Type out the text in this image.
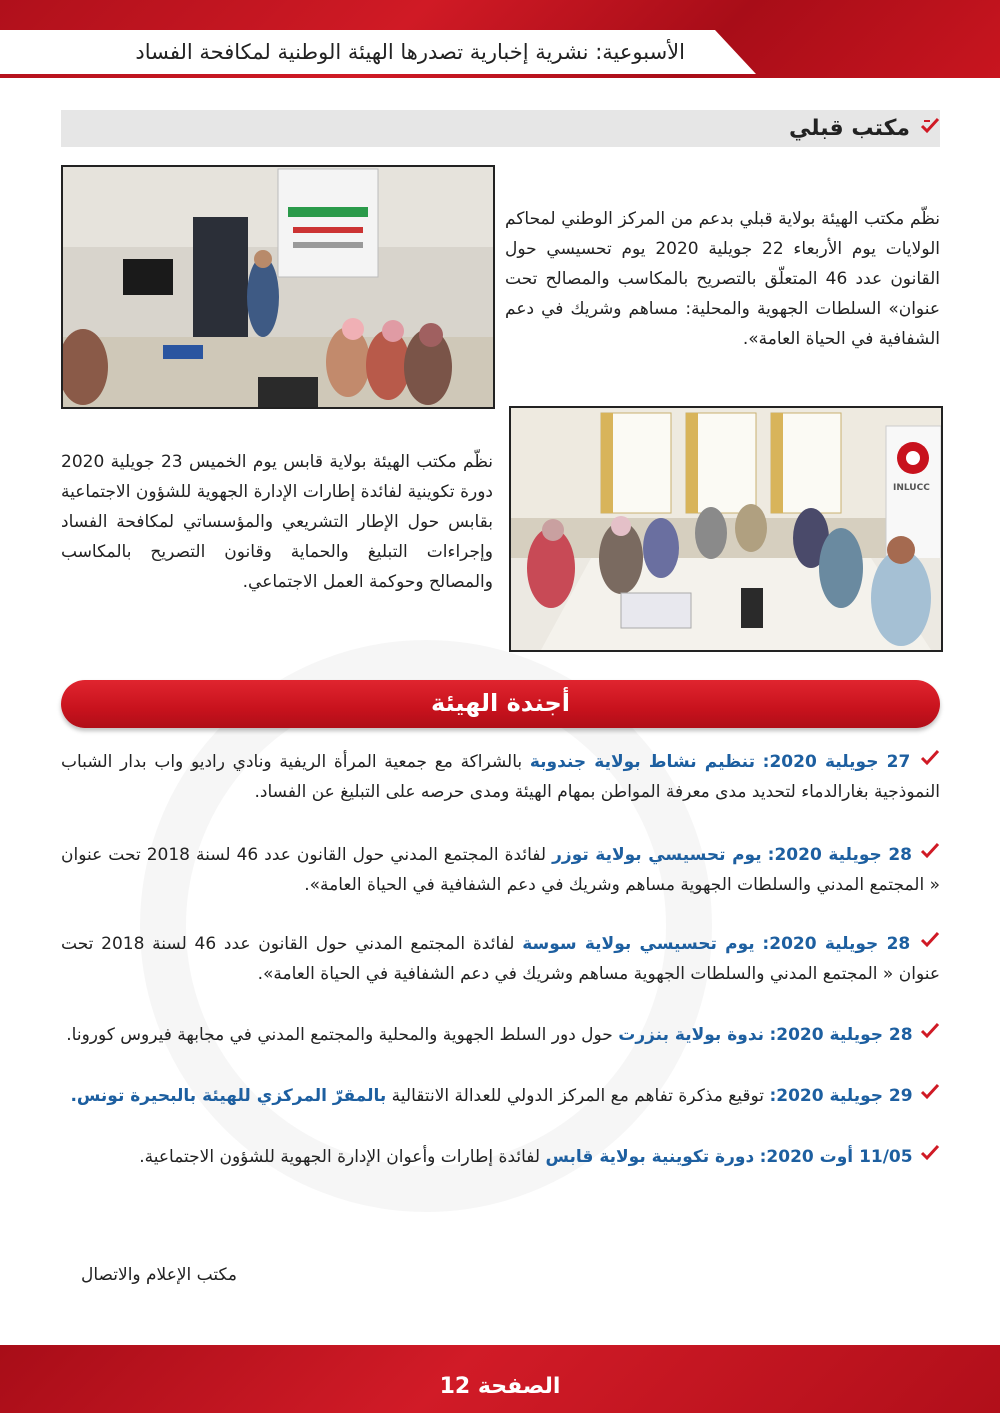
الأسبوعية: نشرية إخبارية تصدرها الهيئة الوطنية لمكافحة الفساد
مكتب قبلي
نظّم مكتب الهيئة بولاية قبلي بدعم من المركز الوطني لمحاكم الولايات يوم الأربعاء 22 جويلية 2020 يوم تحسيسي حول القانون عدد 46 المتعلّق بالتصريح بالمكاسب والمصالح تحت عنوان» السلطات الجهوية والمحلية: مساهم وشريك في دعم الشفافية في الحياة العامة».
INLUCC
نظّم مكتب الهيئة بولاية قابس يوم الخميس 23 جويلية 2020 دورة تكوينية لفائدة إطارات الإدارة الجهوية للشؤون الاجتماعية بقابس حول الإطار التشريعي والمؤسساتي لمكافحة الفساد وإجراءات التبليغ والحماية وقانون التصريح بالمكاسب والمصالح وحوكمة العمل الاجتماعي.
أجندة الهيئة
27 جويلية 2020: تنظيم نشاط بولاية جندوبة بالشراكة مع جمعية المرأة الريفية ونادي راديو واب بدار الشباب النموذجية بغارالدماء لتحديد مدى معرفة المواطن بمهام الهيئة ومدى حرصه على التبليغ عن الفساد.
28 جويلية 2020: يوم تحسيسي بولاية توزر لفائدة المجتمع المدني حول القانون عدد 46 لسنة 2018 تحت عنوان « المجتمع المدني والسلطات الجهوية مساهم وشريك في دعم الشفافية في الحياة العامة».
28 جويلية 2020: يوم تحسيسي بولاية سوسة لفائدة المجتمع المدني حول القانون عدد 46 لسنة 2018 تحت عنوان « المجتمع المدني والسلطات الجهوية مساهم وشريك في دعم الشفافية في الحياة العامة».
28 جويلية 2020: ندوة بولاية بنزرت حول دور السلط الجهوية والمحلية والمجتمع المدني في مجابهة فيروس كورونا.
29 جويلية 2020: توقيع مذكرة تفاهم مع المركز الدولي للعدالة الانتقالية بالمقرّ المركزي للهيئة بالبحيرة تونس.
11/05 أوت 2020: دورة تكوينية بولاية قابس لفائدة إطارات وأعوان الإدارة الجهوية للشؤون الاجتماعية.
مكتب الإعلام والاتصال
الصفحة 12
